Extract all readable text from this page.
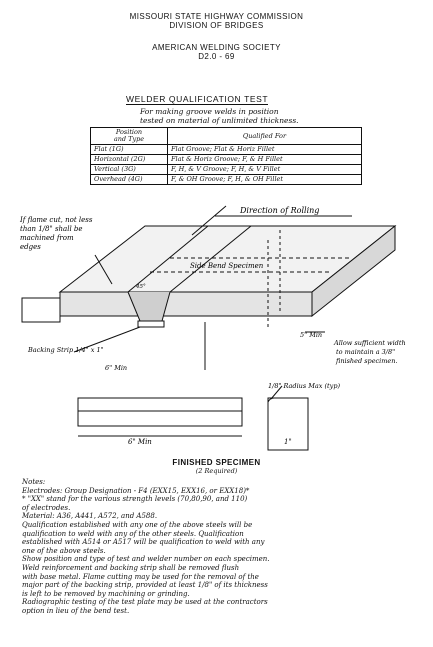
MISSOURI STATE HIGHWAY COMMISSION
DIVISION OF BRIDGES
AMERICAN WELDING SOCIETY
D2.0 - 69
WELDER QUALIFICATION TEST
For making groove welds in position
tested on material of unlimited thickness.
Position
and Type	Qualified For
Flat (1G)	Flat Groove; Flat & Horiz Fillet
Horizontal (2G)	Flat & Horiz Groove; F, & H Fillet
Vertical (3G)	F, H, & V Groove; F, H, & V Fillet
Overhead (4G)	F, & OH Groove; F, H, & OH Fillet
If flame cut, not less
than 1/8" shall be
machined from
edges
Direction of Rolling
Side Bend Specimen
45°
Backing Strip 1/4" x 1"
6" Min
5" Min
Allow sufficient width
to maintain a 3/8"
finished specimen.
1/8" Radius Max (typ)
6" Min	1"
FINISHED SPECIMEN
(2 Required)
Notes:
Electrodes: Group Designation - F4 (EXX15, EXX16, or EXX18)*
* "XX" stand for the various strength levels (70,80,90, and 110)
of electrodes.
Material: A36, A441, A572, and A588.
Qualification established with any one of the above steels will be
qualification to weld with any of the other steels. Qualification
established with A514 or A517 will be qualification to weld with any
one of the above steels.
Show position and type of test and welder number on each specimen.
Weld reinforcement and backing strip shall be removed flush
with base metal. Flame cutting may be used for the removal of the
major part of the backing strip, provided at least 1/8" of its thickness
is left to be removed by machining or grinding.
Radiographic testing of the test plate may be used at the contractors
option in lieu of the bend test.
